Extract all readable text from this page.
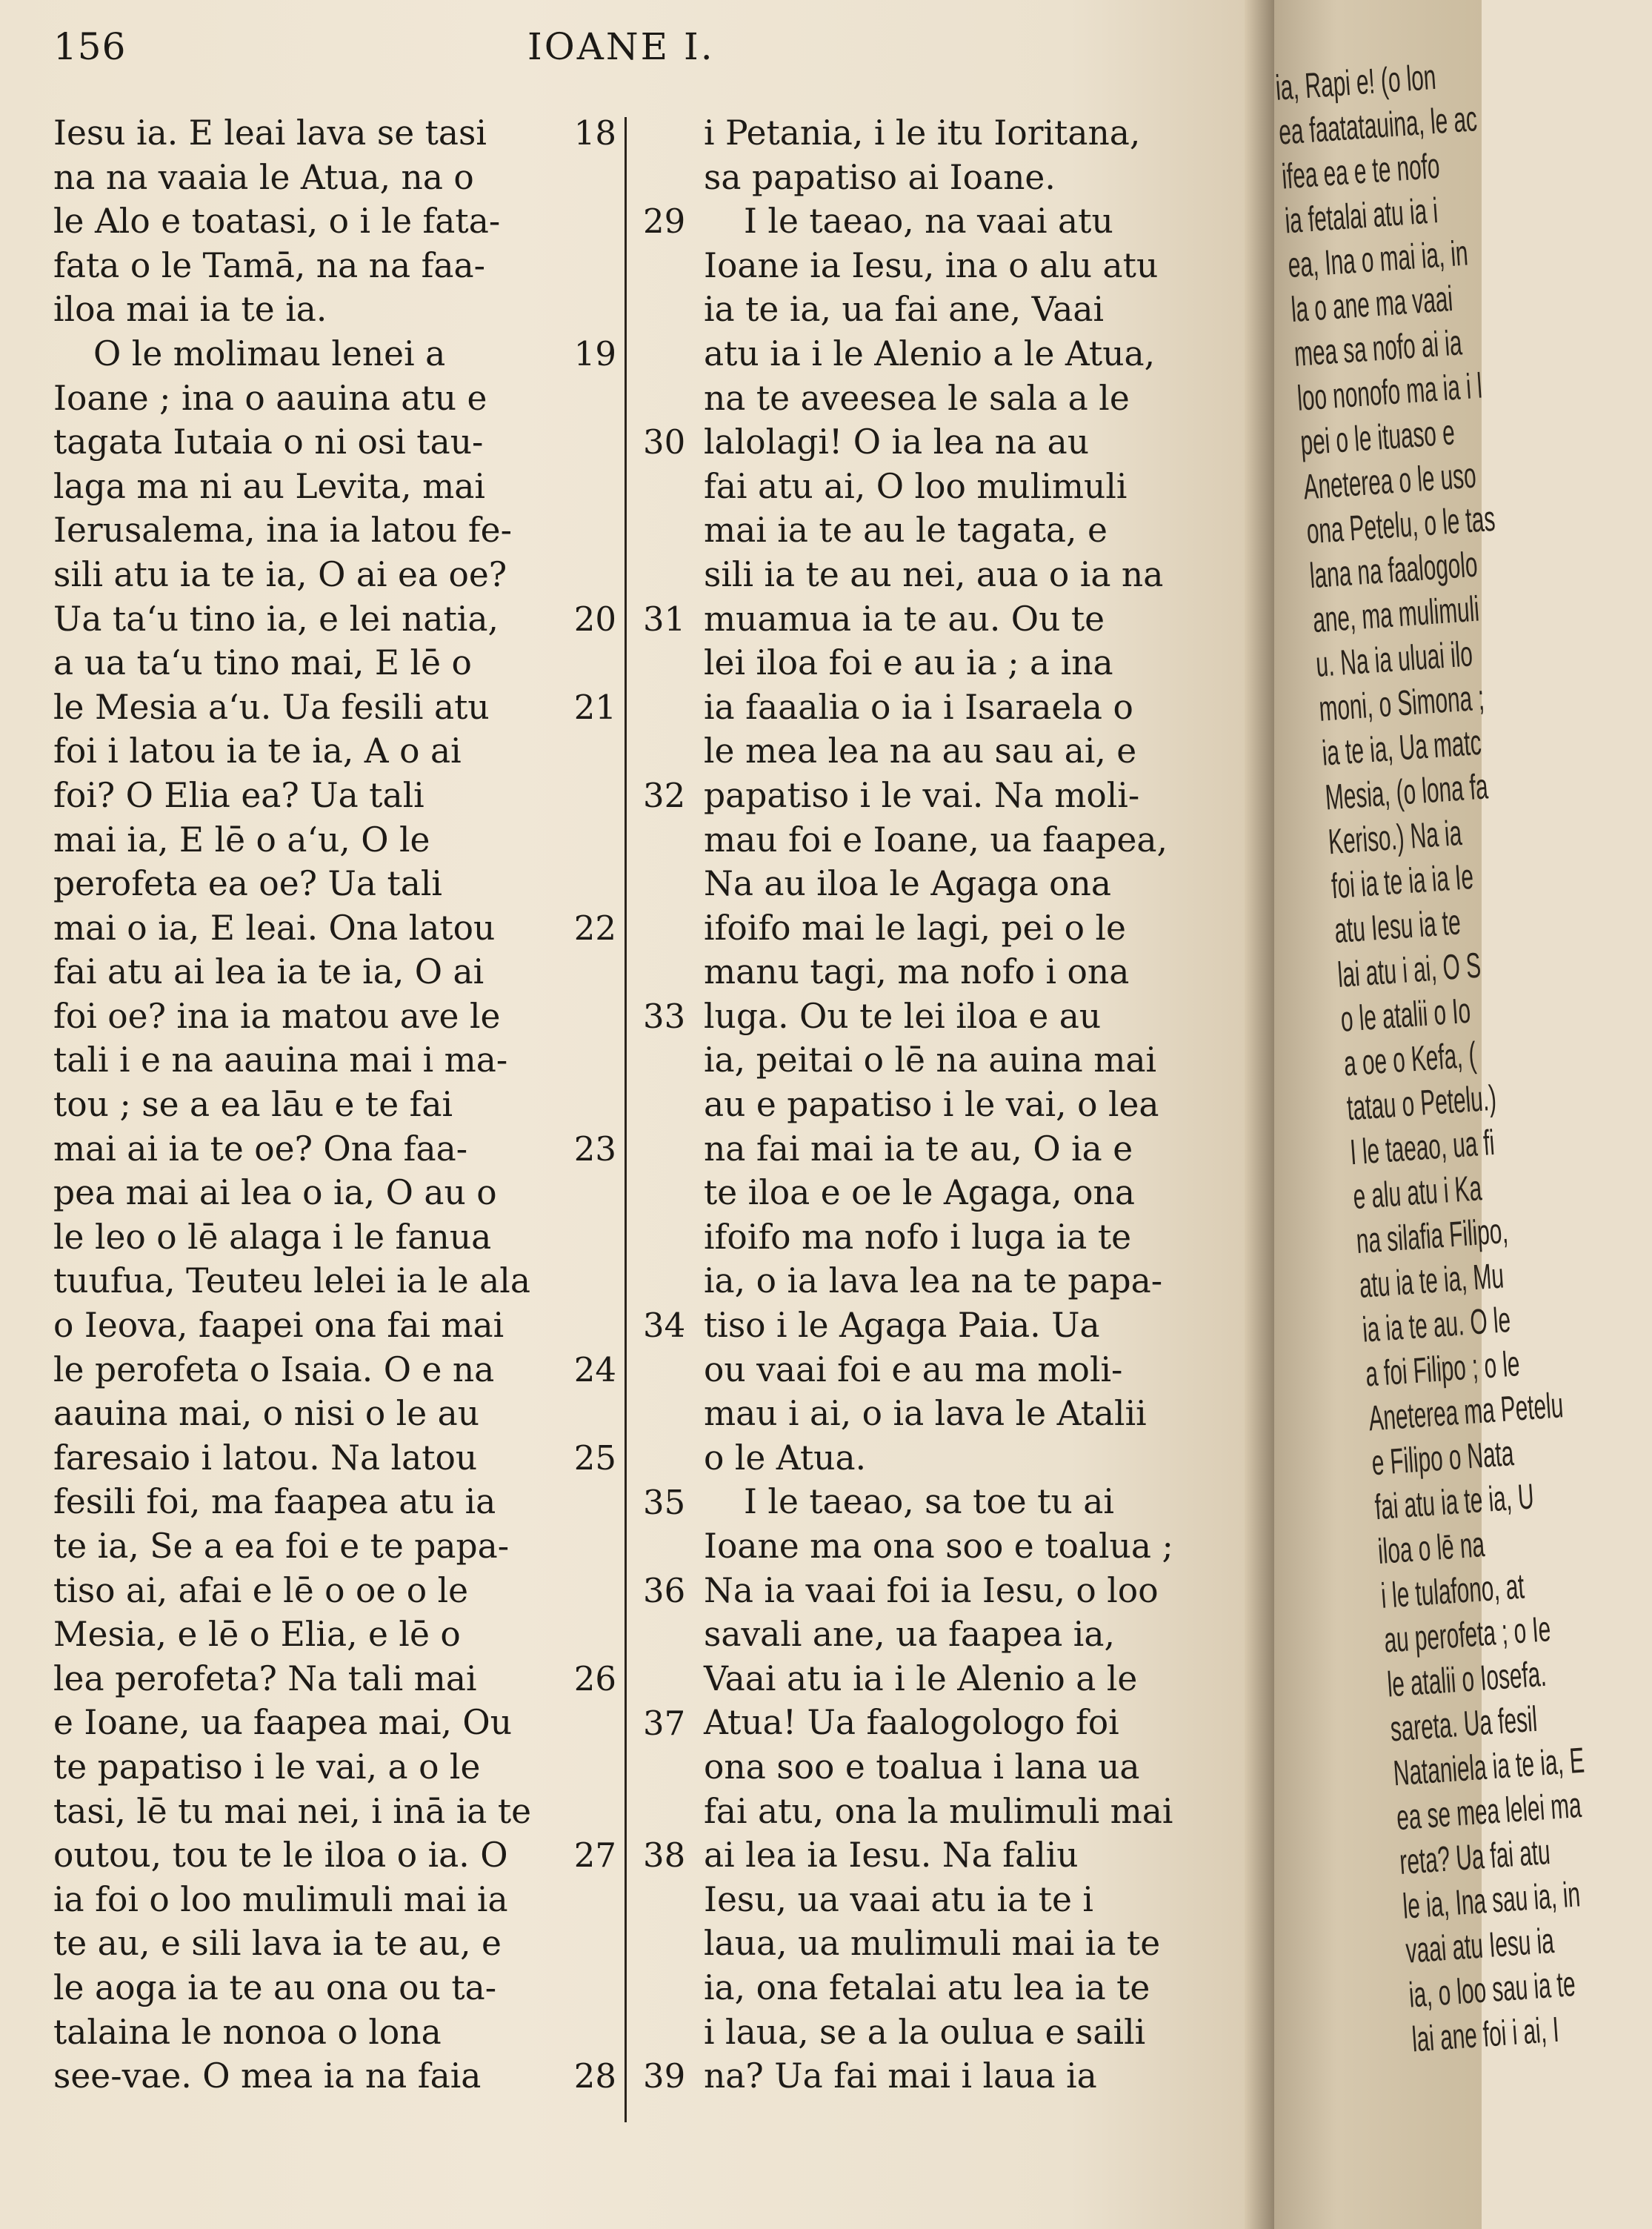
156	IOANE I.
Iesu ia. E leai lava se tasi
na na vaaia le Atua, na o
le Alo e toatasi, o i le fata-
fata o le Tamā, na na faa-
iloa mai ia te ia.
O le molimau lenei a
Ioane ; ina o aauina atu e
tagata Iutaia o ni osi tau-
laga ma ni au Levita, mai
Ierusalema, ina ia latou fe-
sili atu ia te ia, O ai ea oe?
Ua ta‘u tino ia, e lei natia,
a ua ta‘u tino mai, E lē o
le Mesia a‘u. Ua fesili atu
foi i latou ia te ia, A o ai
foi? O Elia ea? Ua tali
mai ia, E lē o a‘u, O le
perofeta ea oe? Ua tali
mai o ia, E leai. Ona latou
fai atu ai lea ia te ia, O ai
foi oe? ina ia matou ave le
tali i e na aauina mai i ma-
tou ; se a ea lāu e te fai
mai ai ia te oe? Ona faa-
pea mai ai lea o ia, O au o
le leo o lē alaga i le fanua
tuufua, Teuteu lelei ia le ala
o Ieova, faapei ona fai mai
le perofeta o Isaia. O e na
aauina mai, o nisi o le au
faresaio i latou. Na latou
fesili foi, ma faapea atu ia
te ia, Se a ea foi e te papa-
tiso ai, afai e lē o oe o le
Mesia, e lē o Elia, e lē o
lea perofeta? Na tali mai
e Ioane, ua faapea mai, Ou
te papatiso i le vai, a o le
tasi, lē tu mai nei, i inā ia te
outou, tou te le iloa o ia. O
ia foi o loo mulimuli mai ia
te au, e sili lava ia te au, e
le aoga ia te au ona ou ta-
talaina le nonoa o lona
see-vae. O mea ia na faia
18
19
20
21
22
23
24
25
26
27
28
29
30
31
32
33
34
35
36
37
38
39
i Petania, i le itu Ioritana,
sa papatiso ai Ioane.
I le taeao, na vaai atu
Ioane ia Iesu, ina o alu atu
ia te ia, ua fai ane, Vaai
atu ia i le Alenio a le Atua,
na te aveesea le sala a le
lalolagi! O ia lea na au
fai atu ai, O loo mulimuli
mai ia te au le tagata, e
sili ia te au nei, aua o ia na
muamua ia te au. Ou te
lei iloa foi e au ia ; a ina
ia faaalia o ia i Isaraela o
le mea lea na au sau ai, e
papatiso i le vai. Na moli-
mau foi e Ioane, ua faapea,
Na au iloa le Agaga ona
ifoifo mai le lagi, pei o le
manu tagi, ma nofo i ona
luga. Ou te lei iloa e au
ia, peitai o lē na auina mai
au e papatiso i le vai, o lea
na fai mai ia te au, O ia e
te iloa e oe le Agaga, ona
ifoifo ma nofo i luga ia te
ia, o ia lava lea na te papa-
tiso i le Agaga Paia. Ua
ou vaai foi e au ma moli-
mau i ai, o ia lava le Atalii
o le Atua.
I le taeao, sa toe tu ai
Ioane ma ona soo e toalua ;
Na ia vaai foi ia Iesu, o loo
savali ane, ua faapea ia,
Vaai atu ia i le Alenio a le
Atua! Ua faalogologo foi
ona soo e toalua i lana ua
fai atu, ona la mulimuli mai
ai lea ia Iesu. Na faliu
Iesu, ua vaai atu ia te i
laua, ua mulimuli mai ia te
ia, ona fetalai atu lea ia te
i laua, se a la oulua e saili
na? Ua fai mai i laua ia
ia, Rapi e! (o lon
ea faatatauina, le ac
ifea ea e te nofo
ia fetalai atu ia i
ea, Ina o mai ia, in
la o ane ma vaai
mea sa nofo ai ia
loo nonofo ma ia i l
pei o le ituaso e
Aneterea o le uso
ona Petelu, o le tas
lana na faalogolo
ane, ma mulimuli
u. Na ia uluai ilo
moni, o Simona ;
ia te ia, Ua matc
Mesia, (o lona fa
Keriso.) Na ia
foi ia te ia ia Ie
atu Iesu ia te
lai atu i ai, O S
o le atalii o Io
a oe o Kefa, (
tatau o Petelu.)
I le taeao, ua fi
e alu atu i Ka
na silafia Filipo,
atu ia te ia, Mu
ia ia te au. O le
a foi Filipo ; o le
Aneterea ma Petelu
e Filipo o Nata
fai atu ia te ia, U
iloa o lē na
i le tulafono, at
au perofeta ; o Ie
le atalii o Iosefa.
sareta. Ua fesil
Nataniela ia te ia, E
ea se mea lelei ma
reta? Ua fai atu
le ia, Ina sau ia, in
vaai atu Iesu ia
ia, o loo sau ia te
lai ane foi i ai, I
